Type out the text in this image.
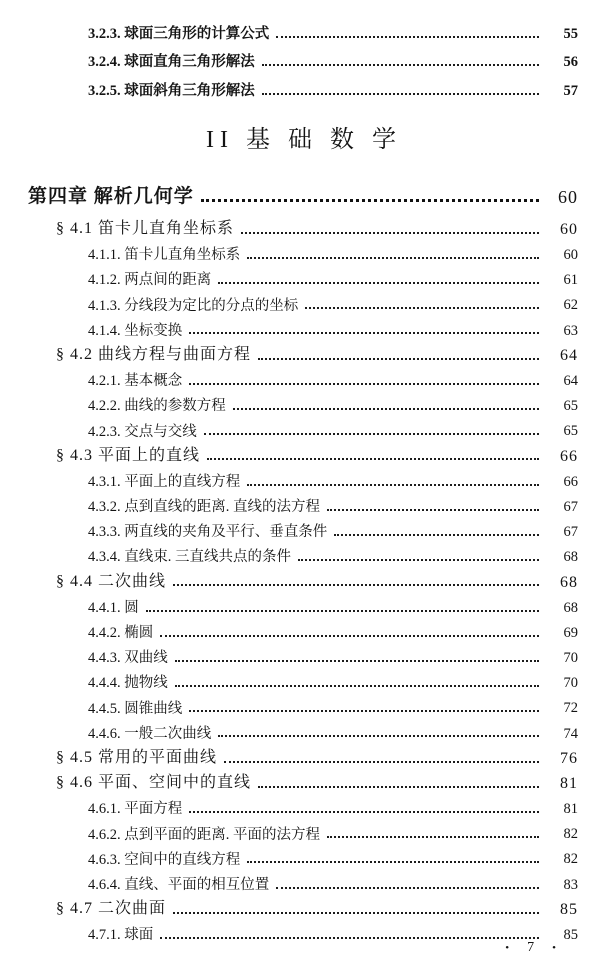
3.2.3. 球面三角形的计算公式	55
3.2.4. 球面直角三角形解法	56
3.2.5. 球面斜角三角形解法	57
II 基 础 数 学
第四章 解析几何学	60
§ 4.1 笛卡儿直角坐标系	60
4.1.1. 笛卡儿直角坐标系	60
4.1.2. 两点间的距离	61
4.1.3. 分线段为定比的分点的坐标	62
4.1.4. 坐标变换	63
§ 4.2 曲线方程与曲面方程	64
4.2.1. 基本概念	64
4.2.2. 曲线的参数方程	65
4.2.3. 交点与交线	65
§ 4.3 平面上的直线	66
4.3.1. 平面上的直线方程	66
4.3.2. 点到直线的距离. 直线的法方程	67
4.3.3. 两直线的夹角及平行、垂直条件	67
4.3.4. 直线束. 三直线共点的条件	68
§ 4.4 二次曲线	68
4.4.1. 圆	68
4.4.2. 椭圆	69
4.4.3. 双曲线	70
4.4.4. 抛物线	70
4.4.5. 圆锥曲线	72
4.4.6. 一般二次曲线	74
§ 4.5 常用的平面曲线	76
§ 4.6 平面、空间中的直线	81
4.6.1. 平面方程	81
4.6.2. 点到平面的距离. 平面的法方程	82
4.6.3. 空间中的直线方程	82
4.6.4. 直线、平面的相互位置	83
§ 4.7 二次曲面	85
4.7.1. 球面	85
• 7 •
